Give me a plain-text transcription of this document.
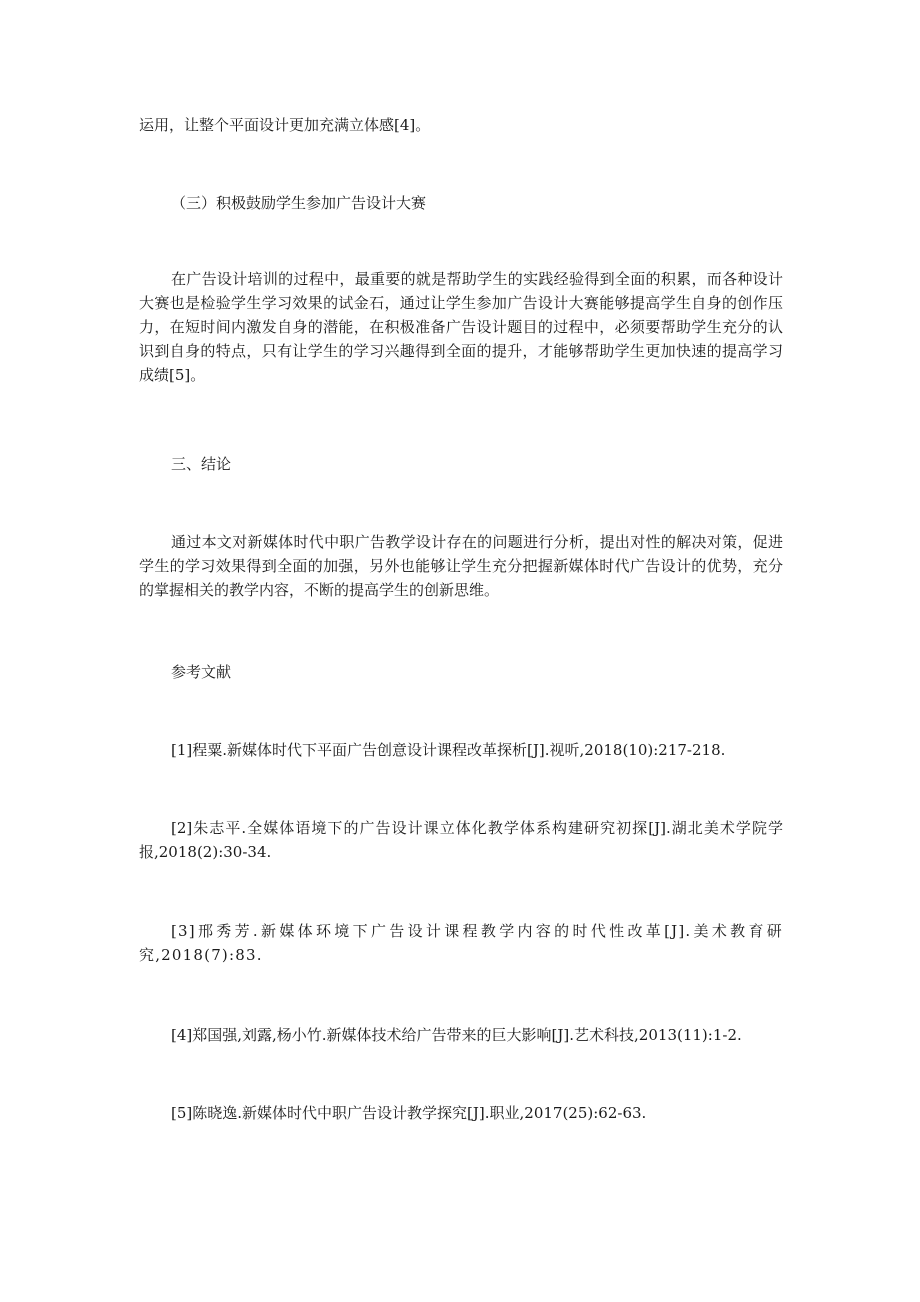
运用，让整个平面设计更加充满立体感[4]。

（三）积极鼓励学生参加广告设计大赛

在广告设计培训的过程中，最重要的就是帮助学生的实践经验得到全面的积累，而各种设计大赛也是检验学生学习效果的试金石，通过让学生参加广告设计大赛能够提高学生自身的创作压力，在短时间内激发自身的潜能，在积极准备广告设计题目的过程中，必须要帮助学生充分的认识到自身的特点，只有让学生的学习兴趣得到全面的提升，才能够帮助学生更加快速的提高学习成绩[5]。

三、结论

通过本文对新媒体时代中职广告教学设计存在的问题进行分析，提出对性的解决对策，促进学生的学习效果得到全面的加强，另外也能够让学生充分把握新媒体时代广告设计的优势，充分的掌握相关的教学内容，不断的提高学生的创新思维。

参考文献

[1]程粟.新媒体时代下平面广告创意设计课程改革探析[J].视听,2018(10):217-218.

[2]朱志平.全媒体语境下的广告设计课立体化教学体系构建研究初探[J].湖北美术学院学报,2018(2):30-34.

[3]邢秀芳.新媒体环境下广告设计课程教学内容的时代性改革[J].美术教育研究,2018(7):83.

[4]郑国强,刘露,杨小竹.新媒体技术给广告带来的巨大影响[J].艺术科技,2013(11):1-2.

[5]陈晓逸.新媒体时代中职广告设计教学探究[J].职业,2017(25):62-63.
